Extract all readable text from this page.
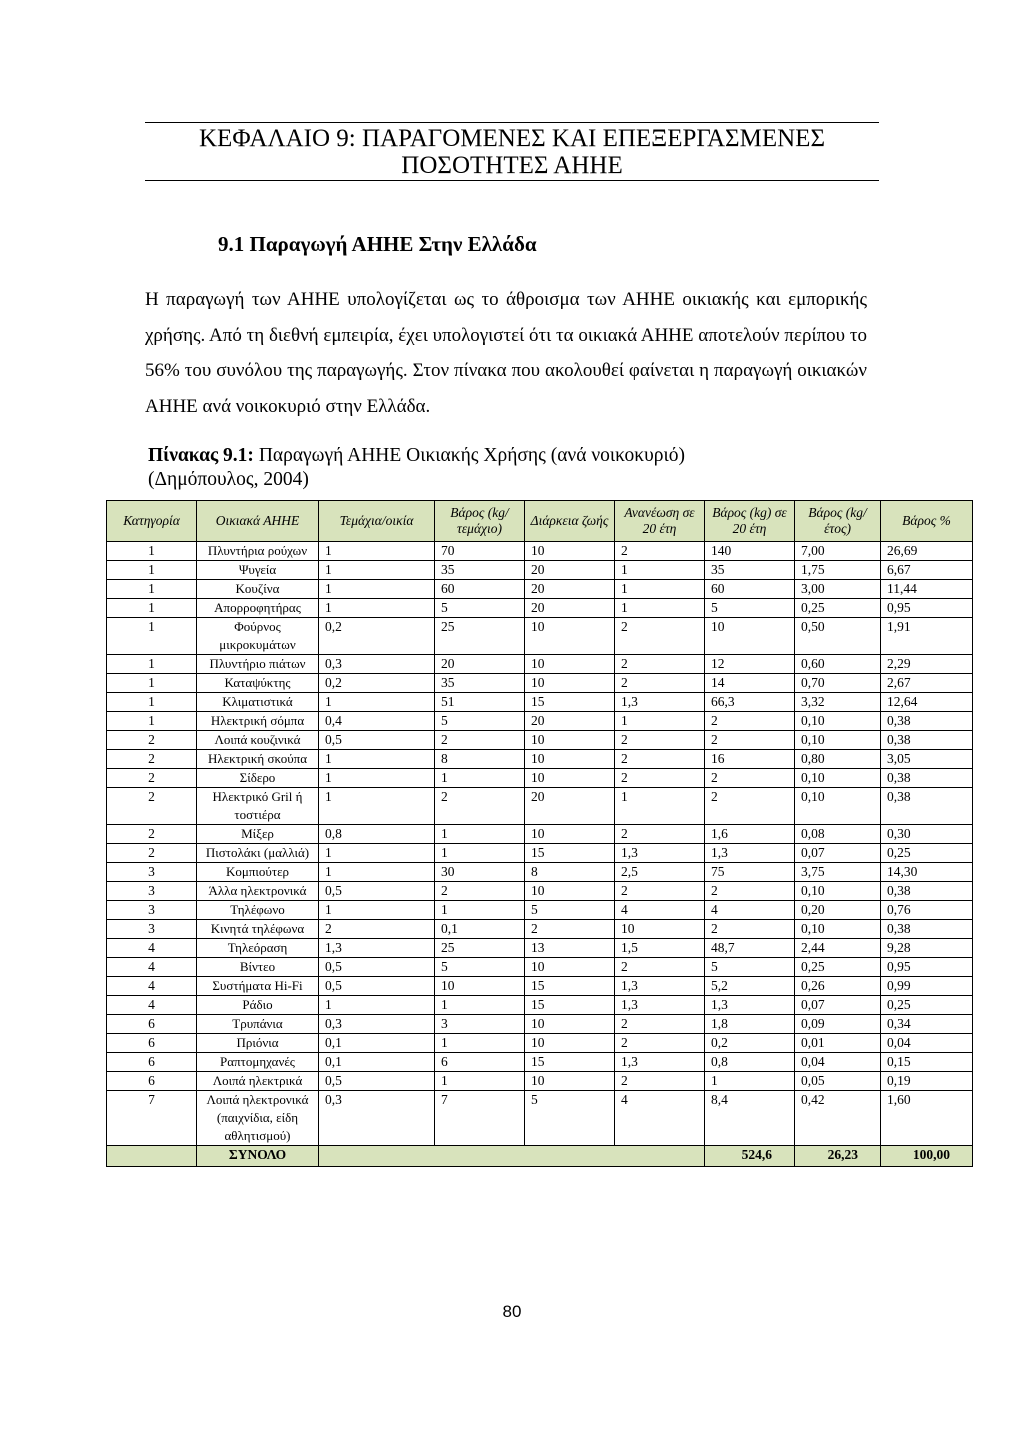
ΚΕΦΑΛΑΙΟ 9: ΠΑΡΑΓΟΜΕΝΕΣ ΚΑΙ ΕΠΕΞΕΡΓΑΣΜΕΝΕΣ
ΠΟΣΟΤΗΤΕΣ ΑΗΗΕ
9.1 Παραγωγή ΑΗΗΕ Στην Ελλάδα

Η παραγωγή των ΑΗΗΕ υπολογίζεται ως το άθροισμα των ΑΗΗΕ οικιακής και εμπορικής χρήσης. Από τη διεθνή εμπειρία, έχει υπολογιστεί ότι τα οικιακά ΑΗΗΕ αποτελούν περίπου το 56% του συνόλου της παραγωγής. Στον πίνακα που ακολουθεί φαίνεται η παραγωγή οικιακών ΑΗΗΕ ανά νοικοκυριό στην Ελλάδα.

Πίνακας 9.1: Παραγωγή ΑΗΗΕ Οικιακής Χρήσης (ανά νοικοκυριό)
(Δημόπουλος, 2004)
Κατηγορία	Οικιακά ΑΗΗΕ	Τεμάχια/οικία	Βάρος (kg/τεμάχιο)	Διάρκεια ζωής	Ανανέωση σε 20 έτη	Βάρος (kg) σε 20 έτη	Βάρος (kg/έτος)	Βάρος %
1	Πλυντήρια ρούχων	1	70	10	2	140	7,00	26,69
1	Ψυγεία	1	35	20	1	35	1,75	6,67
1	Κουζίνα	1	60	20	1	60	3,00	11,44
1	Απορροφητήρας	1	5	20	1	5	0,25	0,95
1	Φούρνος μικροκυμάτων	0,2	25	10	2	10	0,50	1,91
1	Πλυντήριο πιάτων	0,3	20	10	2	12	0,60	2,29
1	Καταψύκτης	0,2	35	10	2	14	0,70	2,67
1	Κλιματιστικά	1	51	15	1,3	66,3	3,32	12,64
1	Ηλεκτρική σόμπα	0,4	5	20	1	2	0,10	0,38
2	Λοιπά κουζινικά	0,5	2	10	2	2	0,10	0,38
2	Ηλεκτρική σκούπα	1	8	10	2	16	0,80	3,05
2	Σίδερο	1	1	10	2	2	0,10	0,38
2	Ηλεκτρικό Gril ή τοστιέρα	1	2	20	1	2	0,10	0,38
2	Μίξερ	0,8	1	10	2	1,6	0,08	0,30
2	Πιστολάκι (μαλλιά)	1	1	15	1,3	1,3	0,07	0,25
3	Κομπιούτερ	1	30	8	2,5	75	3,75	14,30
3	Άλλα ηλεκτρονικά	0,5	2	10	2	2	0,10	0,38
3	Τηλέφωνο	1	1	5	4	4	0,20	0,76
3	Κινητά τηλέφωνα	2	0,1	2	10	2	0,10	0,38
4	Τηλεόραση	1,3	25	13	1,5	48,7	2,44	9,28
4	Βίντεο	0,5	5	10	2	5	0,25	0,95
4	Συστήματα Hi-Fi	0,5	10	15	1,3	5,2	0,26	0,99
4	Ράδιο	1	1	15	1,3	1,3	0,07	0,25
6	Τρυπάνια	0,3	3	10	2	1,8	0,09	0,34
6	Πριόνια	0,1	1	10	2	0,2	0,01	0,04
6	Ραπτομηχανές	0,1	6	15	1,3	0,8	0,04	0,15
6	Λοιπά ηλεκτρικά	0,5	1	10	2	1	0,05	0,19
7	Λοιπά ηλεκτρονικά (παιχνίδια, είδη αθλητισμού)	0,3	7	5	4	8,4	0,42	1,60
	ΣΥΝΟΛΟ					524,6	26,23	100,00
80
